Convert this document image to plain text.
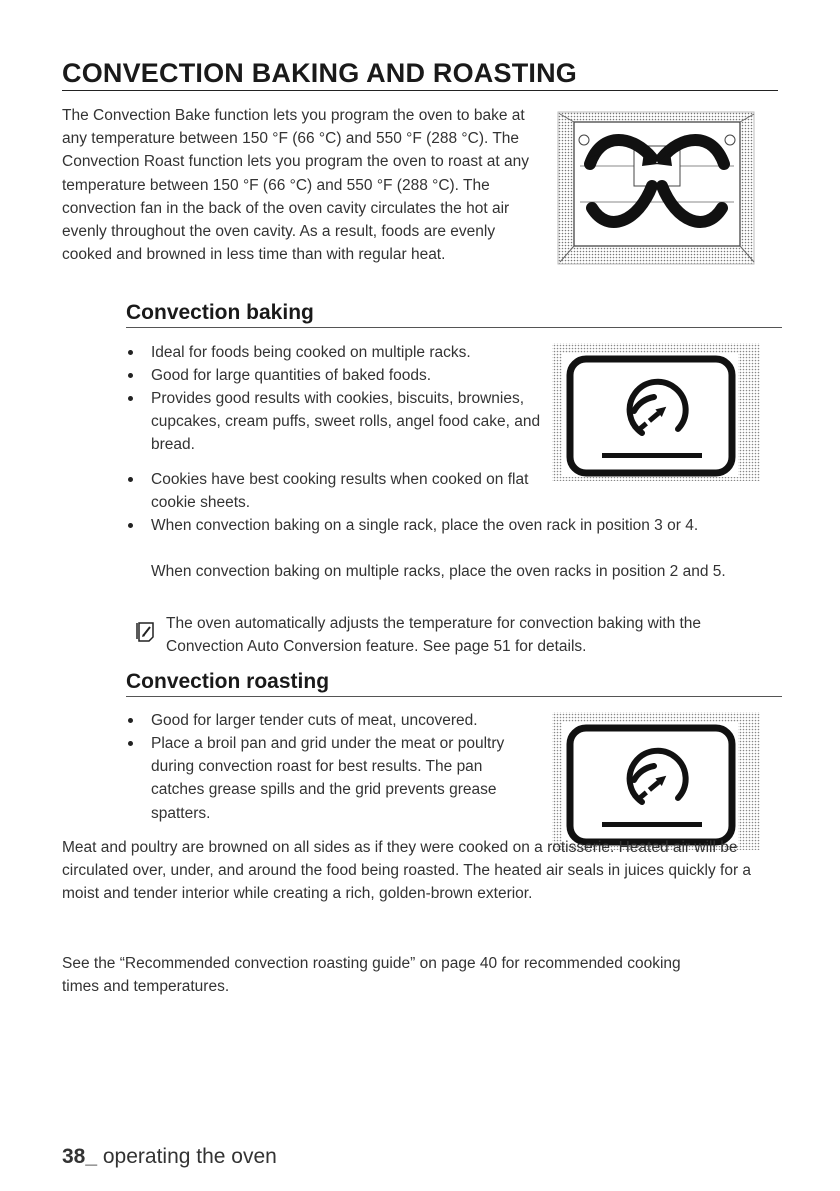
CONVECTION BAKING AND ROASTING

The Convection Bake function lets you program the oven to bake at any temperature between 150 °F (66 °C) and 550 °F (288 °C). The Convection Roast function lets you program the oven to roast at any temperature between 150 °F (66 °C) and 550 °F (288 °C). The convection fan in the back of the oven cavity circulates the hot air evenly throughout the oven cavity. As a result, foods are evenly cooked and browned in less time than with regular heat.

Convection baking
Ideal for foods being cooked on multiple racks.
Good for large quantities of baked foods.
Provides good results with cookies, biscuits, brownies, cupcakes, cream puffs, sweet rolls, angel food cake, and bread.
Cookies have best cooking results when cooked on flat cookie sheets.
When convection baking on a single rack, place the oven rack in position 3 or 4.

When convection baking on multiple racks, place the oven racks in position 2 and 5.

The oven automatically adjusts the temperature for convection baking with the Convection Auto Conversion feature. See page 51 for details.

Convection roasting
Good for larger tender cuts of meat, uncovered.
Place a broil pan and grid under the meat or poultry during convection roast for best results. The pan catches grease spills and the grid prevents grease spatters.

Meat and poultry are browned on all sides as if they were cooked on a rotisserie. Heated air will be circulated over, under, and around the food being roasted. The heated air seals in juices quickly for a moist and tender interior while creating a rich, golden-brown exterior.

See the “Recommended convection roasting guide” on page 40 for recommended cooking times and temperatures.

38_ operating the oven
